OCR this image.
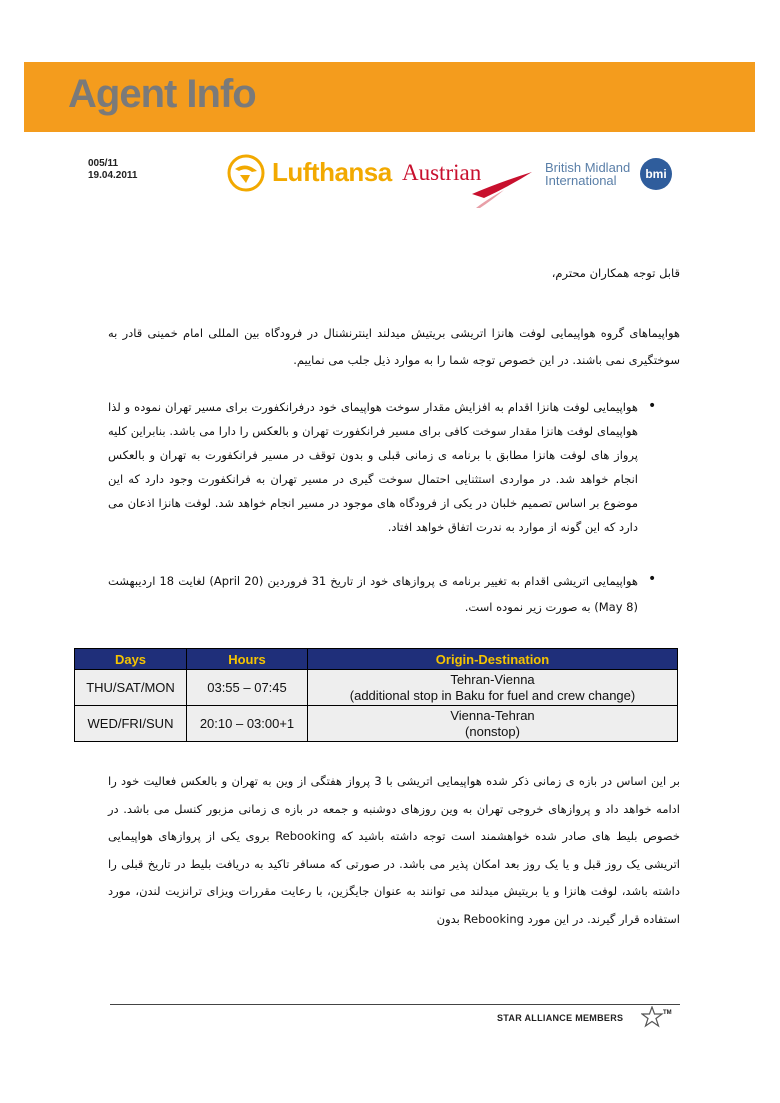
Agent Info
005/11
19.04.2011	Lufthansa Austrian	British Midland
International	bmi
قابل توجه همکاران محترم،
هواپیماهای گروه هواپیمایی لوفت هانزا اتریشی بریتیش میدلند اینترنشنال در فرودگاه بین المللی امام خمینی قادر به سوختگیری نمی باشند. در این خصوص توجه شما را به موارد ذیل جلب می نماییم.
•
هواپیمایی لوفت هانزا اقدام به افزایش مقدار سوخت هواپیمای خود درفرانکفورت برای مسیر تهران نموده و لذا هواپیمای لوفت هانزا مقدار سوخت کافی برای مسیر فرانکفورت تهران و بالعکس را دارا می باشد. بنابراین کلیه پرواز های لوفت هانزا مطابق با برنامه ی زمانی قبلی و بدون توقف در مسیر فرانکفورت به تهران و بالعکس انجام خواهد شد. در مواردی استثنایی احتمال سوخت گیری در مسیر تهران به فرانکفورت وجود دارد که این موضوع بر اساس تصمیم خلبان در یکی از فرودگاه های موجود در مسیر انجام خواهد شد. لوفت هانزا اذعان می دارد که این گونه از موارد به ندرت اتفاق خواهد افتاد.
•
هواپیمایی اتریشی اقدام به تغییر برنامه ی پروازهای خود از تاریخ 31 فروردین (20 April) لغایت 18 اردیبهشت (8 May) به صورت زیر نموده است.
Days	Hours	Origin-Destination
THU/SAT/MON	03:55 – 07:45	Tehran-Vienna
(additional stop in Baku for fuel and crew change)

WED/FRI/SUN	20:10 – 03:00+1	Vienna-Tehran
(nonstop)
بر این اساس در بازه ی زمانی ذکر شده هواپیمایی اتریشی با 3 پرواز هفتگی از وین به تهران و بالعکس فعالیت خود را ادامه خواهد داد و پروازهای خروجی تهران به وین روزهای دوشنبه و جمعه در بازه ی زمانی مزبور کنسل می باشد. در خصوص بلیط های صادر شده خواهشمند است توجه داشته باشید که Rebooking بروی یکی از پروازهای هواپیمایی اتریشی یک روز قبل و یا یک روز بعد امکان پذیر می باشد. در صورتی که مسافر تاکید به دریافت بلیط در تاریخ قبلی را داشته باشد، لوفت هانزا و یا بریتیش میدلند می توانند به عنوان جایگزین، با رعایت مقررات ویزای ترانزیت لندن، مورد استفاده قرار گیرند. در این مورد Rebooking بدون
STAR ALLIANCE MEMBERS	TM
